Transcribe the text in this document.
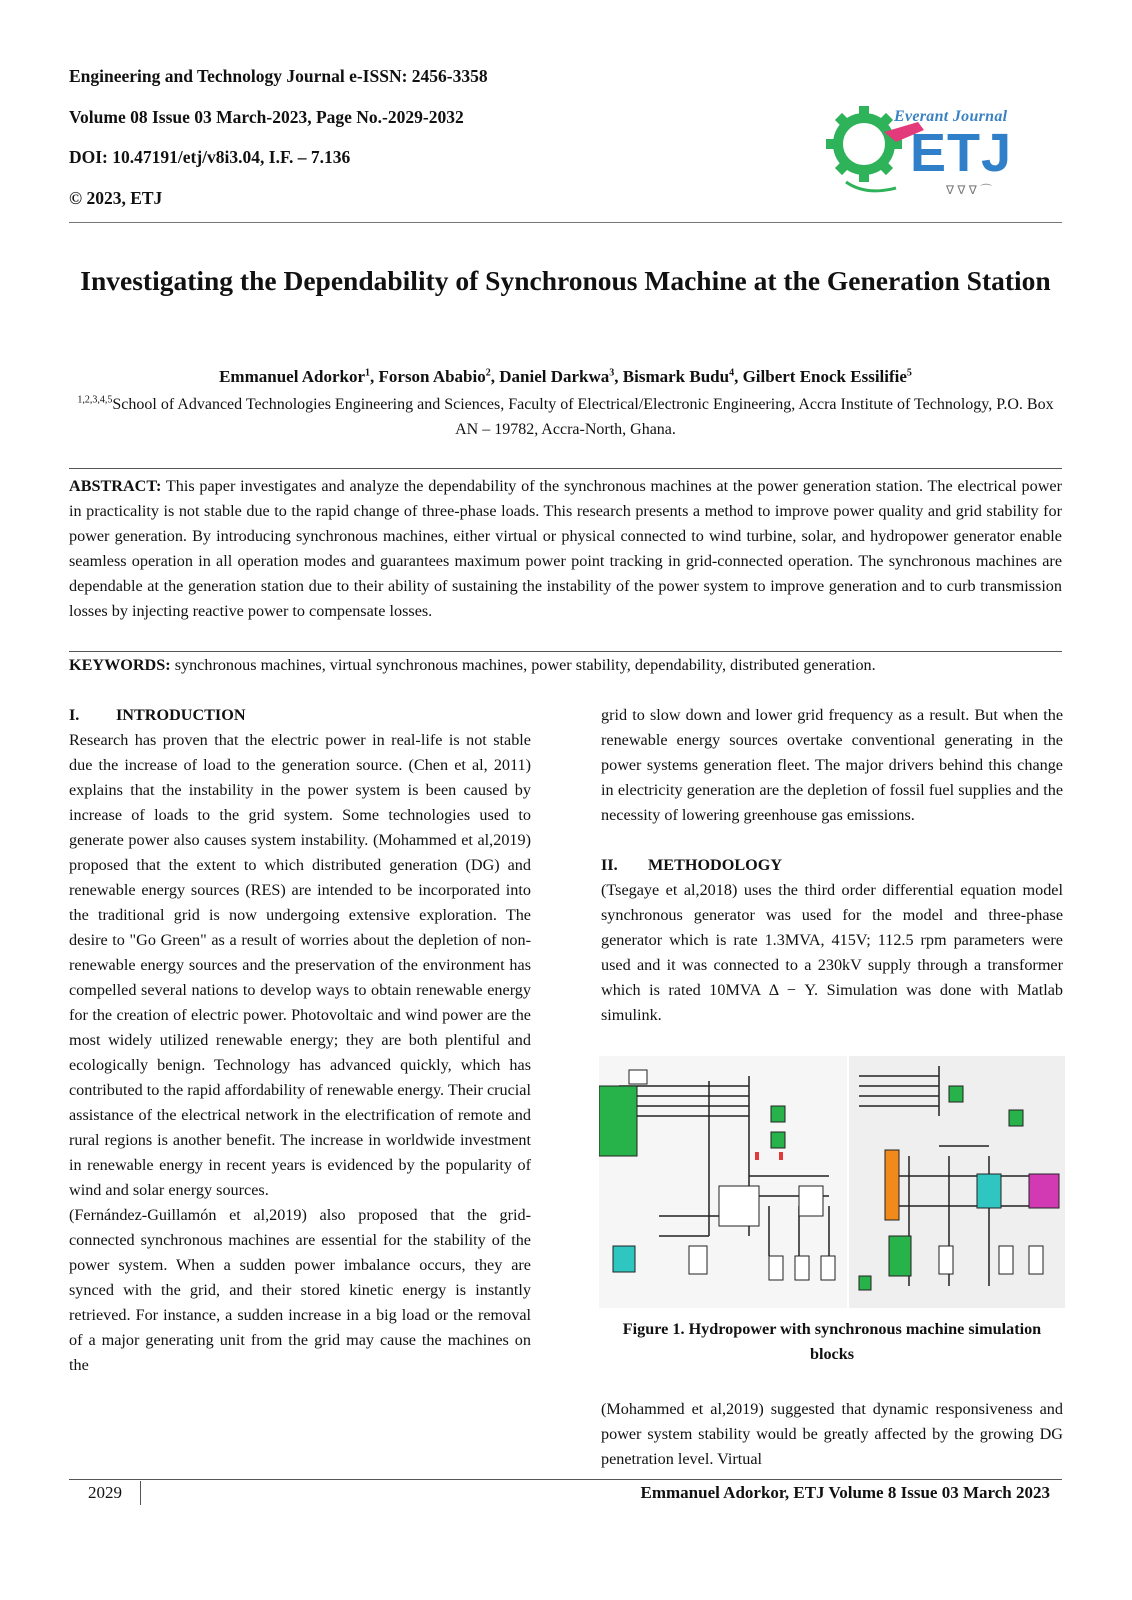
Engineering and Technology Journal e-ISSN: 2456-3358
Volume 08 Issue 03 March-2023, Page No.-2029-2032
DOI: 10.47191/etj/v8i3.04, I.F. – 7.136
© 2023, ETJ	∇ ∇ ∇ ⌒
Everant Journal
ETJ
Investigating the Dependability of Synchronous Machine at the Generation Station
Emmanuel Adorkor$^1$, Forson Ababio$^2$, Daniel Darkwa$^3$, Bismark Budu$^4$, Gilbert Enock Essilifie$^5$
$^{1,2,3,4,5}$School of Advanced Technologies Engineering and Sciences, Faculty of Electrical/Electronic Engineering, Accra Institute of Technology, P.O. Box AN – 19782, Accra-North, Ghana.
ABSTRACT: This paper investigates and analyze the dependability of the synchronous machines at the power generation station. The electrical power in practicality is not stable due to the rapid change of three-phase loads. This research presents a method to improve power quality and grid stability for power generation. By introducing synchronous machines, either virtual or physical connected to wind turbine, solar, and hydropower generator enable seamless operation in all operation modes and guarantees maximum power point tracking in grid-connected operation. The synchronous machines are dependable at the generation station due to their ability of sustaining the instability of the power system to improve generation and to curb transmission losses by injecting reactive power to compensate losses.
KEYWORDS: synchronous machines, virtual synchronous machines, power stability, dependability, distributed generation.
I.	INTRODUCTION

Research has proven that the electric power in real-life is not stable due the increase of load to the generation source. (Chen et al, 2011) explains that the instability in the power system is been caused by increase of loads to the grid system. Some technologies used to generate power also causes system instability. (Mohammed et al,2019) proposed that the extent to which distributed generation (DG) and renewable energy sources (RES) are intended to be incorporated into the traditional grid is now undergoing extensive exploration. The desire to "Go Green" as a result of worries about the depletion of non-renewable energy sources and the preservation of the environment has compelled several nations to develop ways to obtain renewable energy for the creation of electric power. Photovoltaic and wind power are the most widely utilized renewable energy; they are both plentiful and ecologically benign. Technology has advanced quickly, which has contributed to the rapid affordability of renewable energy. Their crucial assistance of the electrical network in the electrification of remote and rural regions is another benefit. The increase in worldwide investment in renewable energy in recent years is evidenced by the popularity of wind and solar energy sources.

(Fernández-Guillamón et al,2019) also proposed that the grid-connected synchronous machines are essential for the stability of the power system. When a sudden power imbalance occurs, they are synced with the grid, and their stored kinetic energy is instantly retrieved. For instance, a sudden increase in a big load or the removal of a major generating unit from the grid may cause the machines on the

grid to slow down and lower grid frequency as a result. But when the renewable energy sources overtake conventional generating in the power systems generation fleet. The major drivers behind this change in electricity generation are the depletion of fossil fuel supplies and the necessity of lowering greenhouse gas emissions.

II.	METHODOLOGY

(Tsegaye et al,2018) uses the third order differential equation model synchronous generator was used for the model and three-phase generator which is rate 1.3MVA, 415V; 112.5 rpm parameters were used and it was connected to a 230kV supply through a transformer which is rated 10MVA Δ − Y. Simulation was done with Matlab simulink.

Figure 1. Hydropower with synchronous machine simulation blocks

(Mohammed et al,2019) suggested that dynamic responsiveness and power system stability would be greatly affected by the growing DG penetration level. Virtual

2029	Emmanuel Adorkor, ETJ Volume 8 Issue 03 March 2023
